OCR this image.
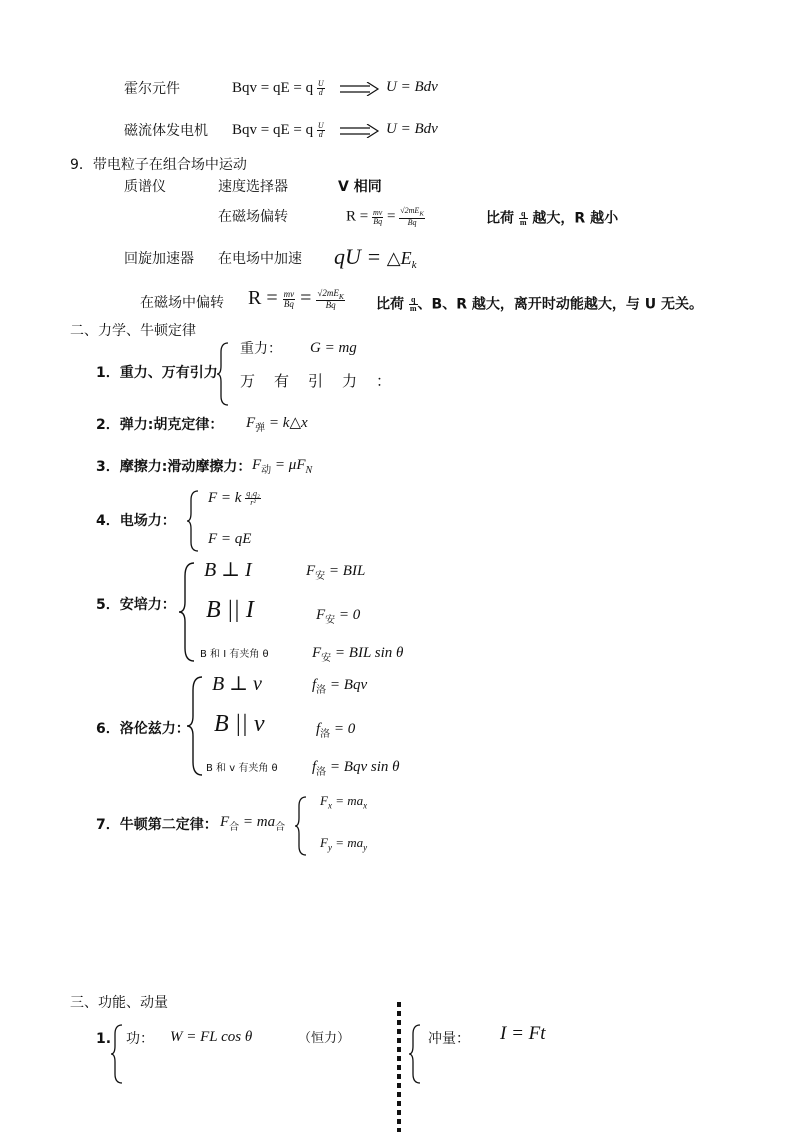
霍尔元件	Bqv = qE = q $\frac{U}{d}$	U = Bdv
磁流体发电机 Bqv = qE = q $\frac{U}{d}$	U = Bdv
9．带电粒子在组合场中运动
质谱仪	速度选择器	V 相同
在磁场偏转	$R = \frac{mv}{Bq} = \frac{√2mE_K}{Bq}$	比荷 $\frac{q}{m}$ 越大，R 越小
回旋加速器 在电场中加速 qU = $\triangle E_k$
在磁场中偏转 $R = \frac{mv}{Bq} = \frac{√2mE_K}{Bq}$ 比荷 $\frac{q}{m}$ 、B、R 越大，离开时动能越大，与 U 无关。
二、力学、牛顿定律
1．重力、万有引力
重力： G = mg
万　有　引　力　：
2．弹力:胡克定律： $F_弹$ = k△x
3．摩擦力:滑动摩擦力： $F_动 = \mu F_N$
4．电场力：
F = k $\frac{\text{q₁q₂}}{\text{r²}}$
F = qE
5．安培力：
B ⊥ I	$F_安$ = BIL
B || I	$F_安 = 0$
B 和 I 有夹角 θ	$F_安$ = BIL sin θ
6．洛伦兹力：
B ⊥ v	$f_洛$ = Bqv
B || v	$f_洛 = 0$
B 和 v 有夹角 θ $f_洛$ = Bqv sin θ
7．牛顿第二定律： $F_合 = ma_合$
$F_x = ma_x$
$F_y = ma_y$
三、功能、动量
1. 功： W = FL cos θ	（恒力）	冲量： I = Ft
